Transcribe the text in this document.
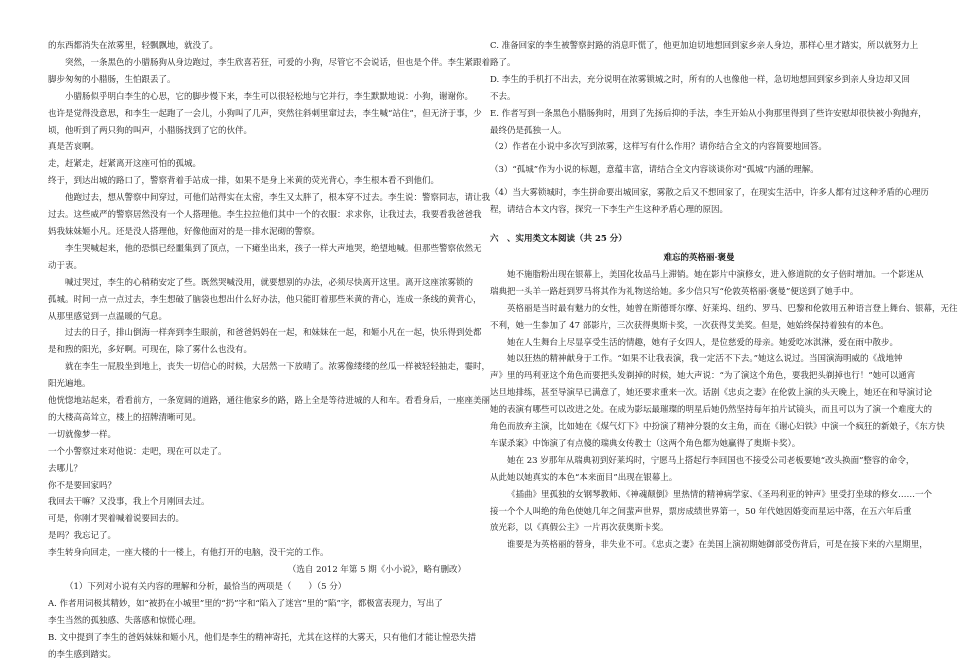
的东西都消失在浓雾里，轻飘飘地，就没了。
突然，一条黑色的小腊肠狗从身边跑过，李生欣喜若狂，可爱的小狗，尽管它不会说话，但也是个伴。李生紧跟着
脚步匆匆的小腊肠，生怕跟丢了。
小腊肠似乎明白李生的心思，它的脚步慢下来，李生可以很轻松地与它并行，李生默默地说：小狗，谢谢你。
也许是觉得没意思，和李生一起跑了一会儿，小狗叫了几声，突然往斜刺里窜过去，李生喊“站住”，但无济于事，少
顷，他听到了两只狗的叫声，小腊肠找到了它的伙伴。
真是苦哀啊。
走，赶紧走，赶紧离开这座可怕的孤城。
终于，到达出城的路口了，警察背着手站成一排，如果不是身上米黄的荧光背心，李生根本看不到他们。
他跑过去，想从警察中间穿过，可他们站得实在太密，李生又太胖了，根本穿不过去。李生说：警察同志，请让我
过去。这些威严的警察居然没有一个人搭理他。李生拉拉他们其中一个的衣服：求求你，让我过去，我要看我爸爸我
妈我妹妹姬小凡。还是没人搭理他，好像他面对的是一排水泥砌的警察。
李生哭喊起来，他的恐惧已经噩集到了顶点，一下瘫坐出来，孩子一样大声地哭，绝望地喊。但那些警察依然无
动于衷。
喊过哭过，李生的心稍稍安定了些。既然哭喊没用，就要想别的办法，必须尽快离开这里。离开这座浓雾锁的
孤城。时间一点一点过去，李生想破了脑袋也想出什么好办法，他只能盯着那些米黄的背心，连成一条线的黄背心，
从那里感觉到一点温暖的气息。
过去的日子，排山倒海一样奔到李生眼前，和爸爸妈妈在一起，和妹妹在一起，和姬小凡在一起，快乐得到处都
是和煦的阳光，多好啊。可现在，除了雾什么也没有。
就在李生一屁股坐到地上，丧失一切信心的时候，大居然一下放晴了。浓雾像缕缕的丝瓜一样被轻轻抽走，霎时，
阳光遍地。
他恍惚地站起来，看看前方，一条宽阔的道路，通往他家乡的路，路上全是等待进城的人和车。看看身后，一座座美丽
的大楼高高耸立，楼上的招牌清晰可见。
一切就像梦一样。
一个小警察过来对他说：走吧，现在可以走了。
去哪儿？
你不是要回家吗？
我回去干嘛？又没事，我上个月刚回去过。
可是，你刚才哭着喊着说要回去的。
是吗？我忘记了。
李生转身向回走，一座大楼的十一楼上，有他打开的电脑，没干完的工作。
（选自 2012 年第 5 期《小小说》，略有删改）
（1）下列对小说有关内容的理解和分析，最恰当的两项是（　　）（5 分）
A. 作者用词极其精妙，如“被扔在小城里”里的“扔”字和“陷入了迷宫”里的“陷”字，都极富表现力，写出了
李生当然的孤独感、失落感和惊慌心理。
B. 文中提到了李生的爸妈妹妹和姬小凡，他们是李生的精神寄托，尤其在这样的大雾天，只有他们才能让惶恐失措
的李生感到踏实。
C. 准备回家的李生被警察封路的消息吓慌了，他更加迫切地想回到家乡亲人身边，那样心里才踏实，所以就努力上
路了。
D. 李生的手机打不出去，充分说明在浓雾锁城之时，所有的人也像他一样，急切地想回到家乡到亲人身边却又回
不去。
E. 作者写到一条黑色小腊肠狗时，用到了先扬后抑的手法，李生开始从小狗那里得到了些许安慰却很快被小狗抛弃，
最终仍是孤独一人。
（2）作者在小说中多次写到浓雾，这样写有什么作用？请你结合全文的内容简要地回答。
（3）“孤城”作为小说的标题，意蕴丰富，请结合全文内容谈谈你对“孤城”内涵的理解。
（4）当大雾锁城时，李生拼命要出城回家，雾散之后又不想回家了，在现实生活中，许多人都有过这种矛盾的心理历
程，请结合本文内容，探究一下李生产生这种矛盾心理的原因。
六　、实用类文本阅读（共 25 分）
难忘的英格丽·褒曼
她不施脂粉出现在银幕上，美国化妆品马上滞销。她在影片中演修女，进入修道院的女子倍时增加。一个影迷从
瑞典把一头羊一路赶到罗马将其作为礼物送给她。多少信只写“伦敦英格丽·褒曼”便送到了她手中。
英格丽是当时最有魅力的女性，她曾在斯德哥尔摩、好莱坞、纽约、罗马、巴黎和伦敦用五种语言登上舞台、银幕，无往
不利，她一生参加了 47 部影片，三次获得奥斯卡奖，一次获得艾美奖。但是，她始终保持着独有的本色。
她在人生舞台上尽显享受生活的情趣，她有子女四人，是位慈爱的母亲。她爱吃冰淇淋，爱在雨中散步。
她以狂热的精神献身于工作。“如果不让我表演，我一定活不下去。”她这么说过。当国演海明威的《战地钟
声》里的玛利亚这个角色而要把头发剃掉的时候，她大声说：“为了演这个角色，要我把头剃掉也行！”她可以通宵
达旦地排练，甚至导演早已满意了，她还要求重来一次。话剧《忠贞之妻》在伦敦上演的头天晚上，她还在和导演讨论
她的表演有哪些可以改进之处。在成为影坛最璀璨的明星后她仍然坚持每年拍片试镜头，而且可以为了演一个难度大的
角色而放弃主演，比如她在《煤气灯下》中扮演了精神分裂的女主角，而在《谢心妇铁》中演一个疯狂的新娘子，《东方快
车谋杀案》中饰演了有点傻的瑞典女传教士（这两个角色都为她赢得了奥斯卡奖）。
她在 23 岁那年从瑞典初到好莱坞时，宁愿马上搭起行李回国也不接受公司老板要她“改头换面”整容的命令，
从此她以她真实的本色“本来面目”出现在银幕上。
《插曲》里孤独的女钢琴教师、《神魂颠倒》里热情的精神病学家、《圣玛利亚的钟声》里受打坐球的修女……一个
接一个个人叫绝的角色使她几年之间蜚声世界，票房成绩世界第一，50 年代她因婚变而星运中落，在五六年后重
放光彩，以《真假公主》一片再次获奥斯卡奖。
谁要是为英格丽的替身，非失业不可。《忠贞之妻》在美国上演初期她御部受伤背后，可是在接下来的六星期里，
